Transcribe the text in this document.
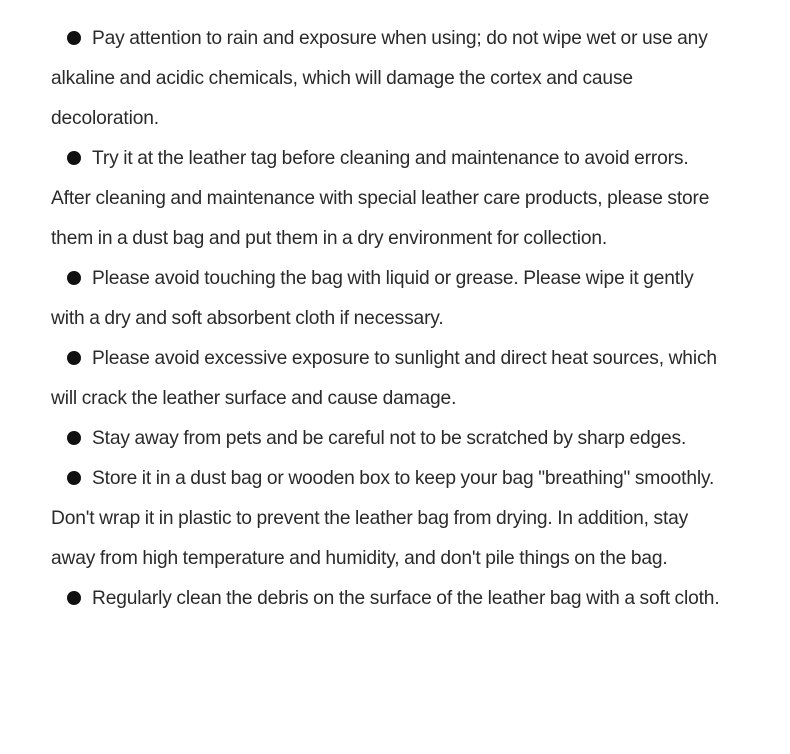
Pay attention to rain and exposure when using; do not wipe wet or use any alkaline and acidic chemicals, which will damage the cortex and cause decoloration.

Try it at the leather tag before cleaning and maintenance to avoid errors. After cleaning and maintenance with special leather care products, please store them in a dust bag and put them in a dry environment for collection.

Please avoid touching the bag with liquid or grease. Please wipe it gently with a dry and soft absorbent cloth if necessary.

Please avoid excessive exposure to sunlight and direct heat sources, which will crack the leather surface and cause damage.

Stay away from pets and be careful not to be scratched by sharp edges.

Store it in a dust bag or wooden box to keep your bag "breathing" smoothly. Don't wrap it in plastic to prevent the leather bag from drying. In addition, stay away from high temperature and humidity, and don't pile things on the bag.

Regularly clean the debris on the surface of the leather bag with a soft cloth.
